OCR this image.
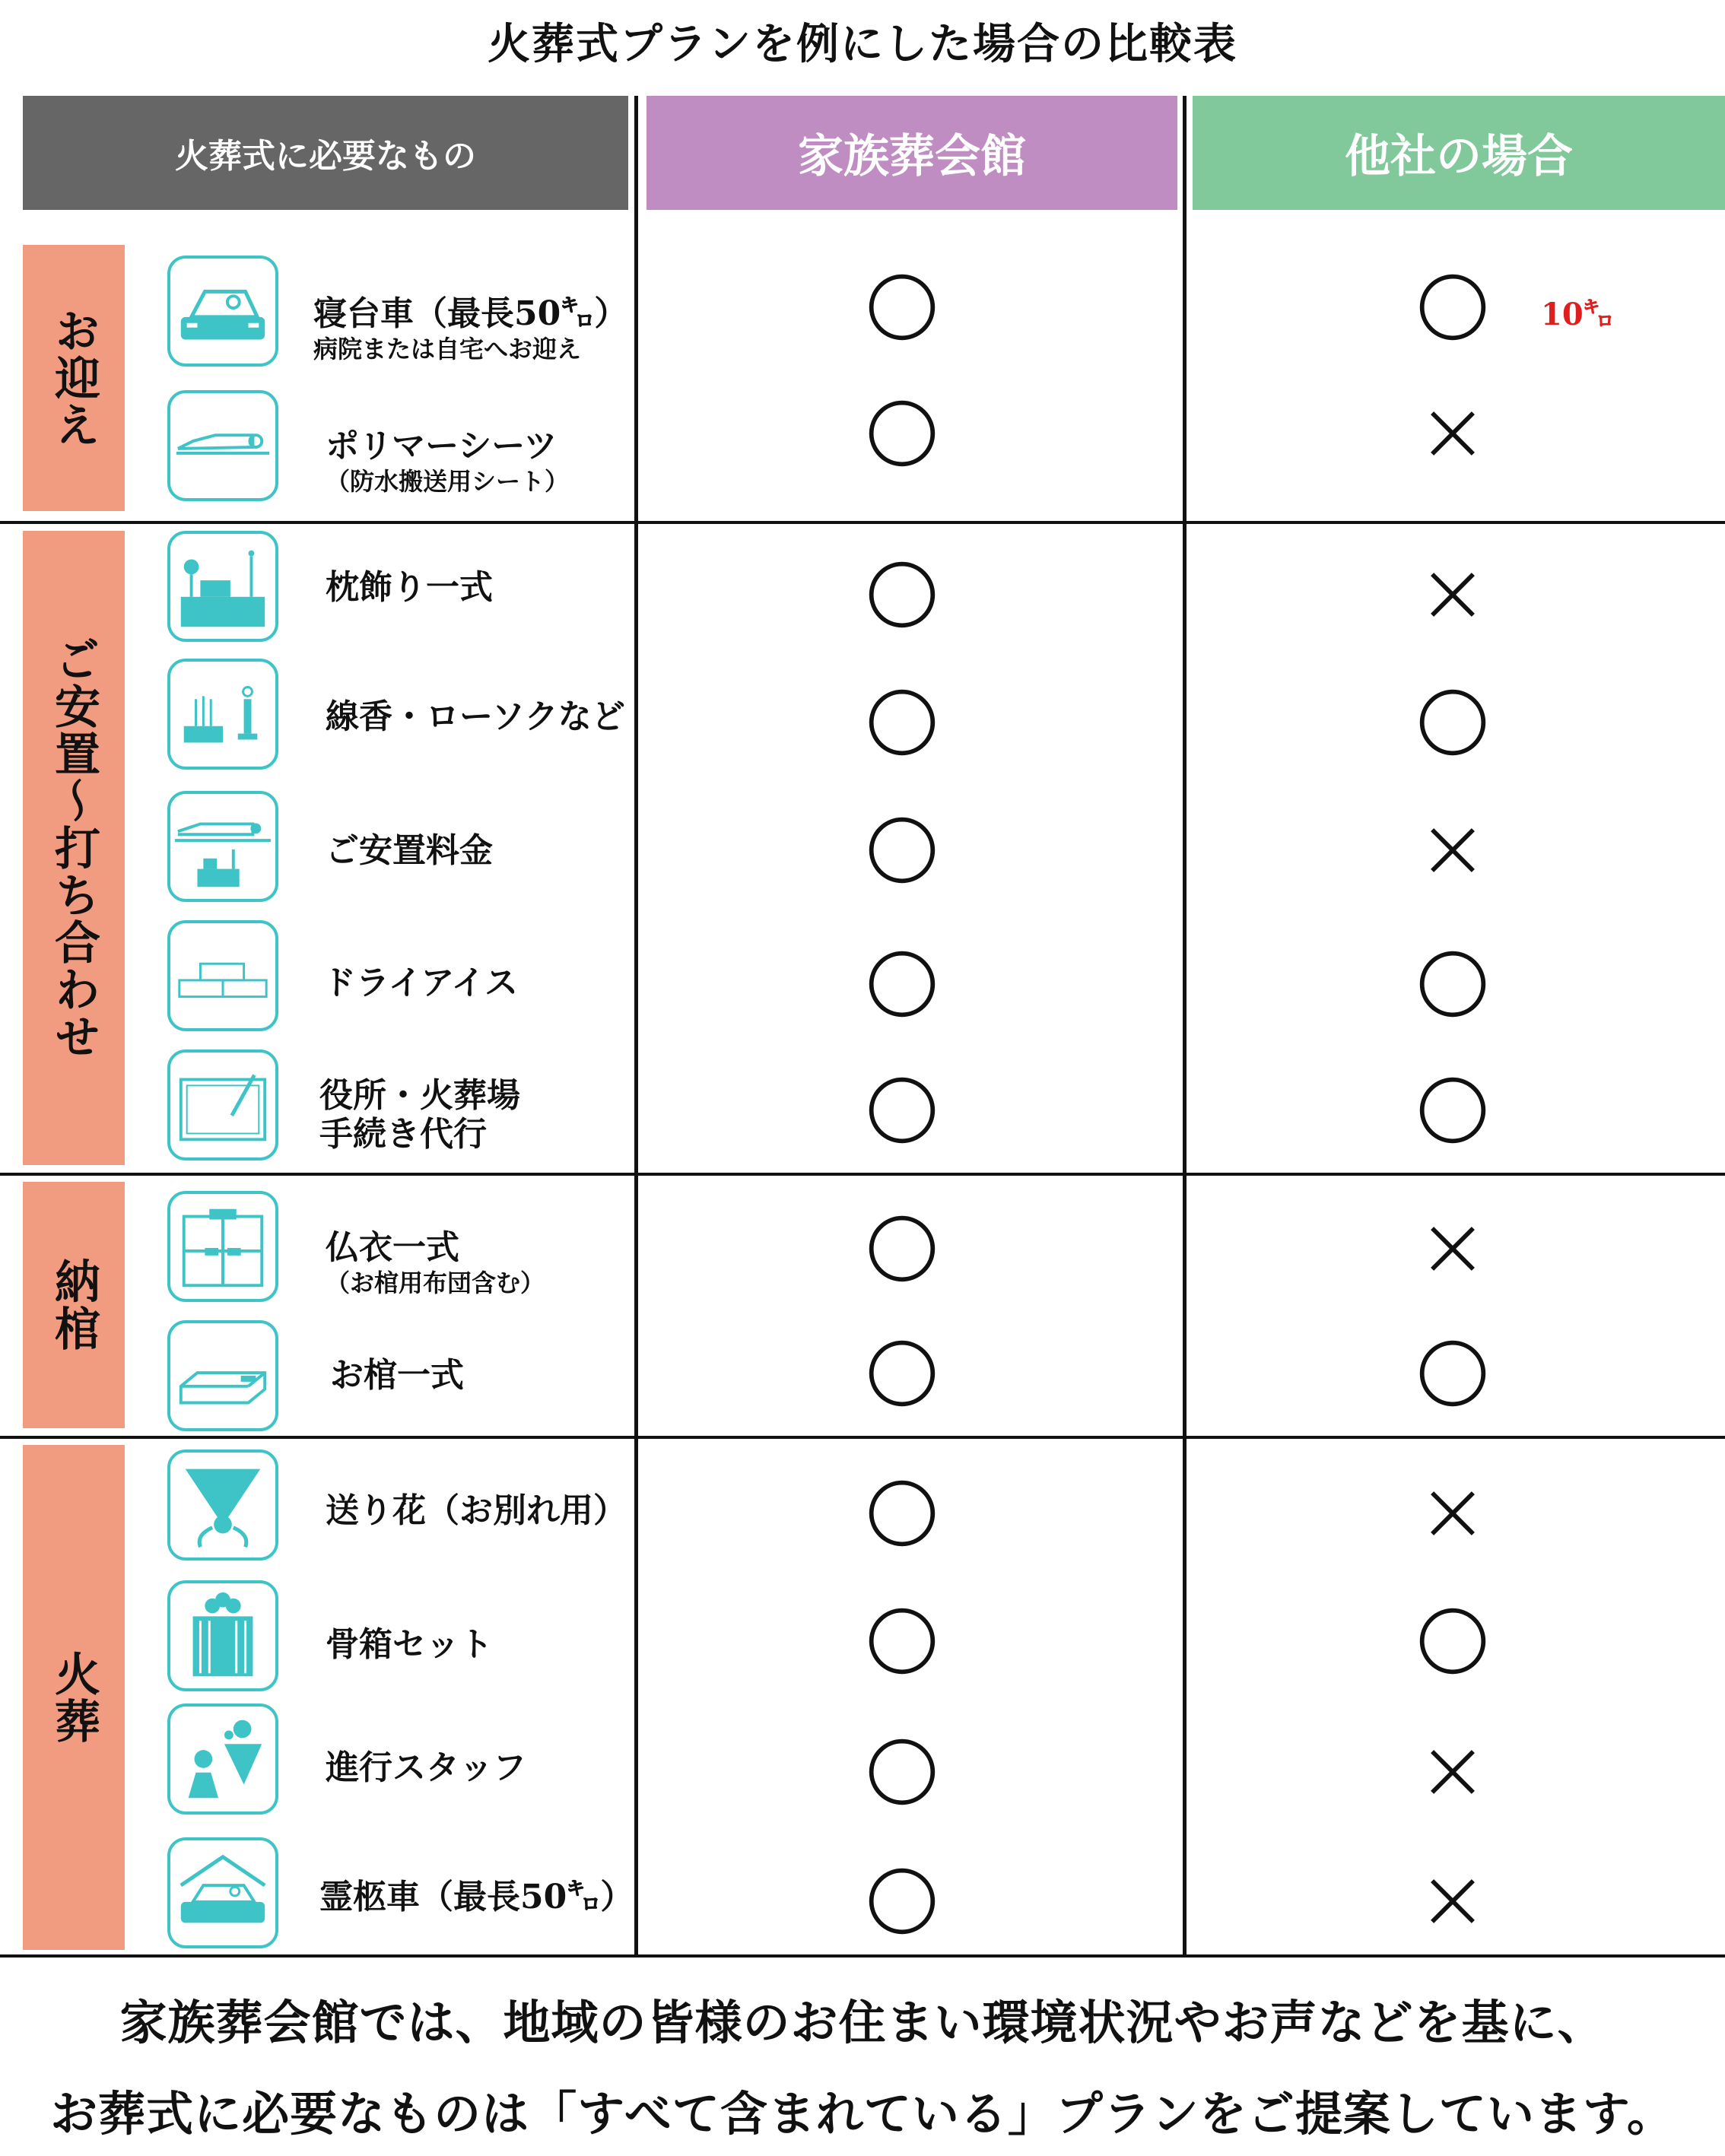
火葬式プランを例にした場合の比較表
火葬式に必要なもの	家族葬会館	他社の場合
お迎え
ご安置～打ち合わせ
納棺
火葬
寝台車（最長50㌔）
病院または自宅へお迎え
ポリマーシーツ
（防水搬送用シート）
枕飾り一式
線香・ローソクなど
ご安置料金
ドライアイス
役所・火葬場
手続き代行
仏衣一式
（お棺用布団含む）
お棺一式
送り花（お別れ用）
骨箱セット
進行スタッフ
霊柩車（最長50㌔）
10㌔
家族葬会館では、地域の皆様のお住まい環境状況やお声などを基に、
お葬式に必要なものは「すべて含まれている」プランをご提案しています。
